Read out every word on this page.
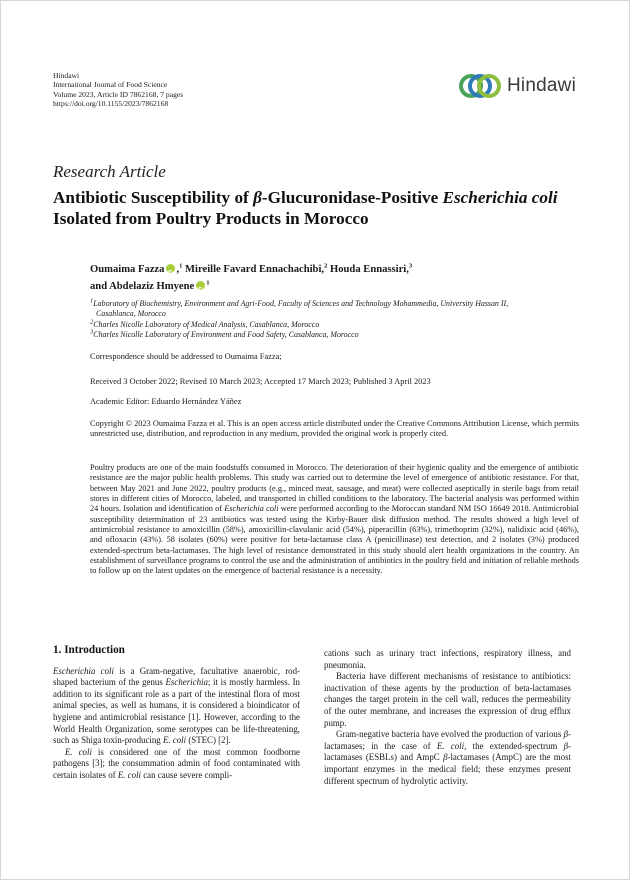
Hindawi
International Journal of Food Science
Volume 2023, Article ID 7862168, 7 pages
https://doi.org/10.1155/2023/7862168
Hindawi
Research Article
Antibiotic Susceptibility of β-Glucuronidase-Positive Escherichia coli Isolated from Poultry Products in Morocco
Oumaima Fazza iD ,$^1$ Mireille Favard Ennachachibi,$^2$ Houda Ennassiri,$^3$
and Abdelaziz Hmyene iD $^1$
$^1$Laboratory of Biochemistry, Environment and Agri-Food, Faculty of Sciences and Technology Mohammedia, University Hassan II,
Casablanca, Morocco
$^2$Charles Nicolle Laboratory of Medical Analysis, Casablanca, Morocco
$^3$Charles Nicolle Laboratory of Environment and Food Safety, Casablanca, Morocco
Correspondence should be addressed to Oumaima Fazza;
Received 3 October 2022; Revised 10 March 2023; Accepted 17 March 2023; Published 3 April 2023
Academic Editor: Eduardo Hernández Yáñez
Copyright © 2023 Oumaima Fazza et al. This is an open access article distributed under the Creative Commons Attribution License, which permits unrestricted use, distribution, and reproduction in any medium, provided the original work is properly cited.

Poultry products are one of the main foodstuffs consumed in Morocco. The deterioration of their hygienic quality and the emergence of antibiotic resistance are the major public health problems. This study was carried out to determine the level of emergence of antibiotic resistance. For that, between May 2021 and June 2022, poultry products (e.g., minced meat, sausage, and meat) were collected aseptically in sterile bags from retail stores in different cities of Morocco, labeled, and transported in chilled conditions to the laboratory. The bacterial analysis was performed within 24 hours. Isolation and identification of Escherichia coli were performed according to the Moroccan standard NM ISO 16649 2018. Antimicrobial susceptibility determination of 23 antibiotics was tested using the Kirby-Bauer disk diffusion method. The results showed a high level of antimicrobial resistance to amoxicillin (58%), amoxicillin-clavulanic acid (54%), piperacillin (63%), trimethoprim (32%), nalidixic acid (46%), and ofloxacin (43%). 58 isolates (60%) were positive for beta-lactamase class A (penicillinase) test detection, and 2 isolates (3%) produced extended-spectrum beta-lactamases. The high level of resistance demonstrated in this study should alert health organizations in the country. An establishment of surveillance programs to control the use and the administration of antibiotics in the poultry field and initiation of reliable methods to follow up on the latest updates on the emergence of bacterial resistance is a necessity.

1. Introduction

Escherichia coli is a Gram-negative, facultative anaerobic, rod-shaped bacterium of the genus Escherichia; it is mostly harmless. In addition to its significant role as a part of the intestinal flora of most animal species, as well as humans, it is considered a bioindicator of hygiene and antimicrobial resistance [1]. However, according to the World Health Organization, some serotypes can be life-threatening, such as Shiga toxin-producing E. coli (STEC) [2].

E. coli is considered one of the most common foodborne pathogens [3]; the consummation admin of food contaminated with certain isolates of E. coli can cause severe compli-

cations such as urinary tract infections, respiratory illness, and pneumonia.

Bacteria have different mechanisms of resistance to antibiotics: inactivation of these agents by the production of beta-lactamases changes the target protein in the cell wall, reduces the permeability of the outer membrane, and increases the expression of drug efflux pump.

Gram-negative bacteria have evolved the production of various β-lactamases; in the case of E. coli, the extended-spectrum β-lactamases (ESBLs) and AmpC β-lactamases (AmpC) are the most important enzymes in the medical field; these enzymes present different spectrum of hydrolytic activity.
